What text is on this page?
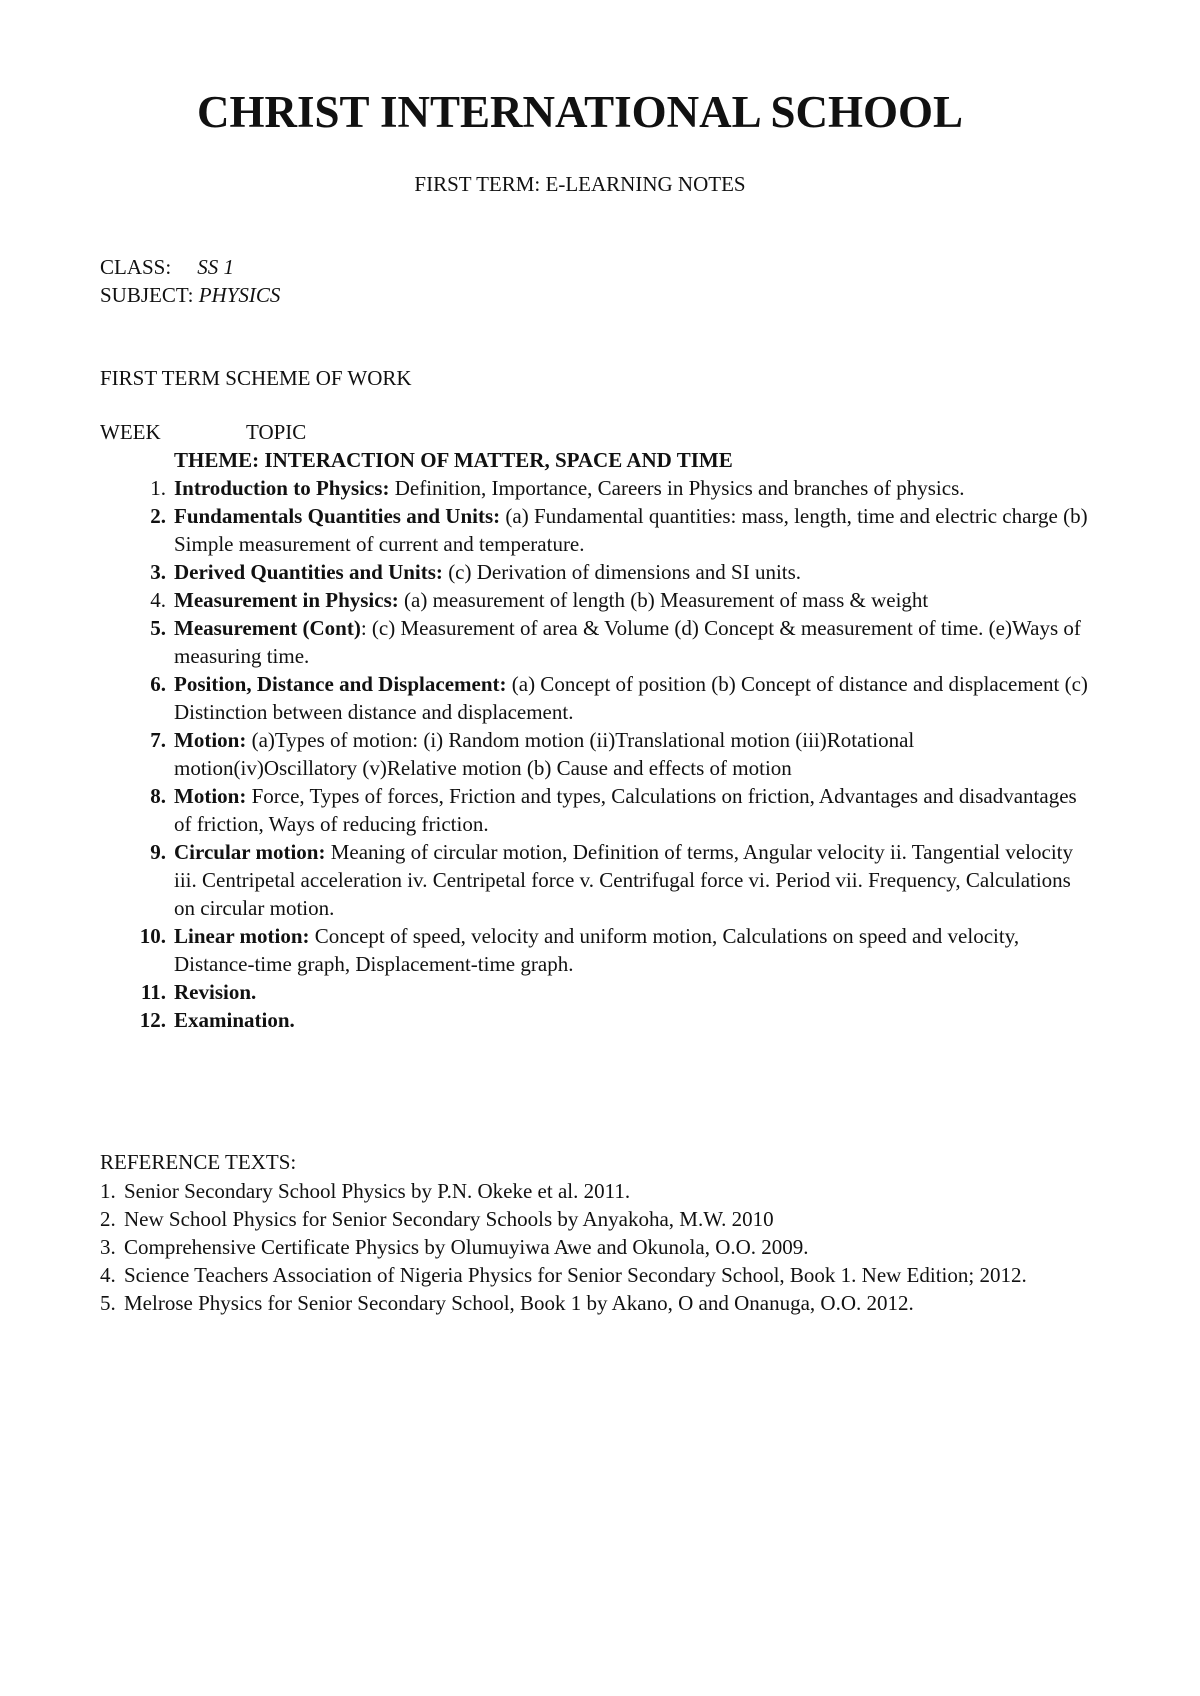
CHRIST INTERNATIONAL SCHOOL
FIRST TERM: E-LEARNING NOTES
CLASS: SS 1
SUBJECT: PHYSICS
FIRST TERM SCHEME OF WORK
WEEK	TOPIC
THEME: INTERACTION OF MATTER, SPACE AND TIME
1. Introduction to Physics: Definition, Importance, Careers in Physics and branches of physics.
2. Fundamentals Quantities and Units: (a) Fundamental quantities: mass, length, time and electric charge (b) Simple measurement of current and temperature.
3. Derived Quantities and Units: (c) Derivation of dimensions and SI units.
4. Measurement in Physics: (a) measurement of length (b) Measurement of mass & weight
5. Measurement (Cont): (c) Measurement of area & Volume (d) Concept & measurement of time. (e)Ways of measuring time.
6. Position, Distance and Displacement: (a) Concept of position (b) Concept of distance and displacement (c) Distinction between distance and displacement.
7. Motion: (a)Types of motion: (i) Random motion (ii)Translational motion (iii)Rotational motion(iv)Oscillatory (v)Relative motion (b) Cause and effects of motion
8. Motion: Force, Types of forces, Friction and types, Calculations on friction, Advantages and disadvantages of friction, Ways of reducing friction.
9. Circular motion: Meaning of circular motion, Definition of terms, Angular velocity ii. Tangential velocity iii. Centripetal acceleration iv. Centripetal force v. Centrifugal force vi. Period vii. Frequency, Calculations on circular motion.
10. Linear motion: Concept of speed, velocity and uniform motion, Calculations on speed and velocity, Distance-time graph, Displacement-time graph.
11. Revision.
12. Examination.
REFERENCE TEXTS:
1. Senior Secondary School Physics by P.N. Okeke et al. 2011.
2. New School Physics for Senior Secondary Schools by Anyakoha, M.W. 2010
3. Comprehensive Certificate Physics by Olumuyiwa Awe and Okunola, O.O. 2009.
4. Science Teachers Association of Nigeria Physics for Senior Secondary School, Book 1. New Edition; 2012.
5. Melrose Physics for Senior Secondary School, Book 1 by Akano, O and Onanuga, O.O. 2012.
